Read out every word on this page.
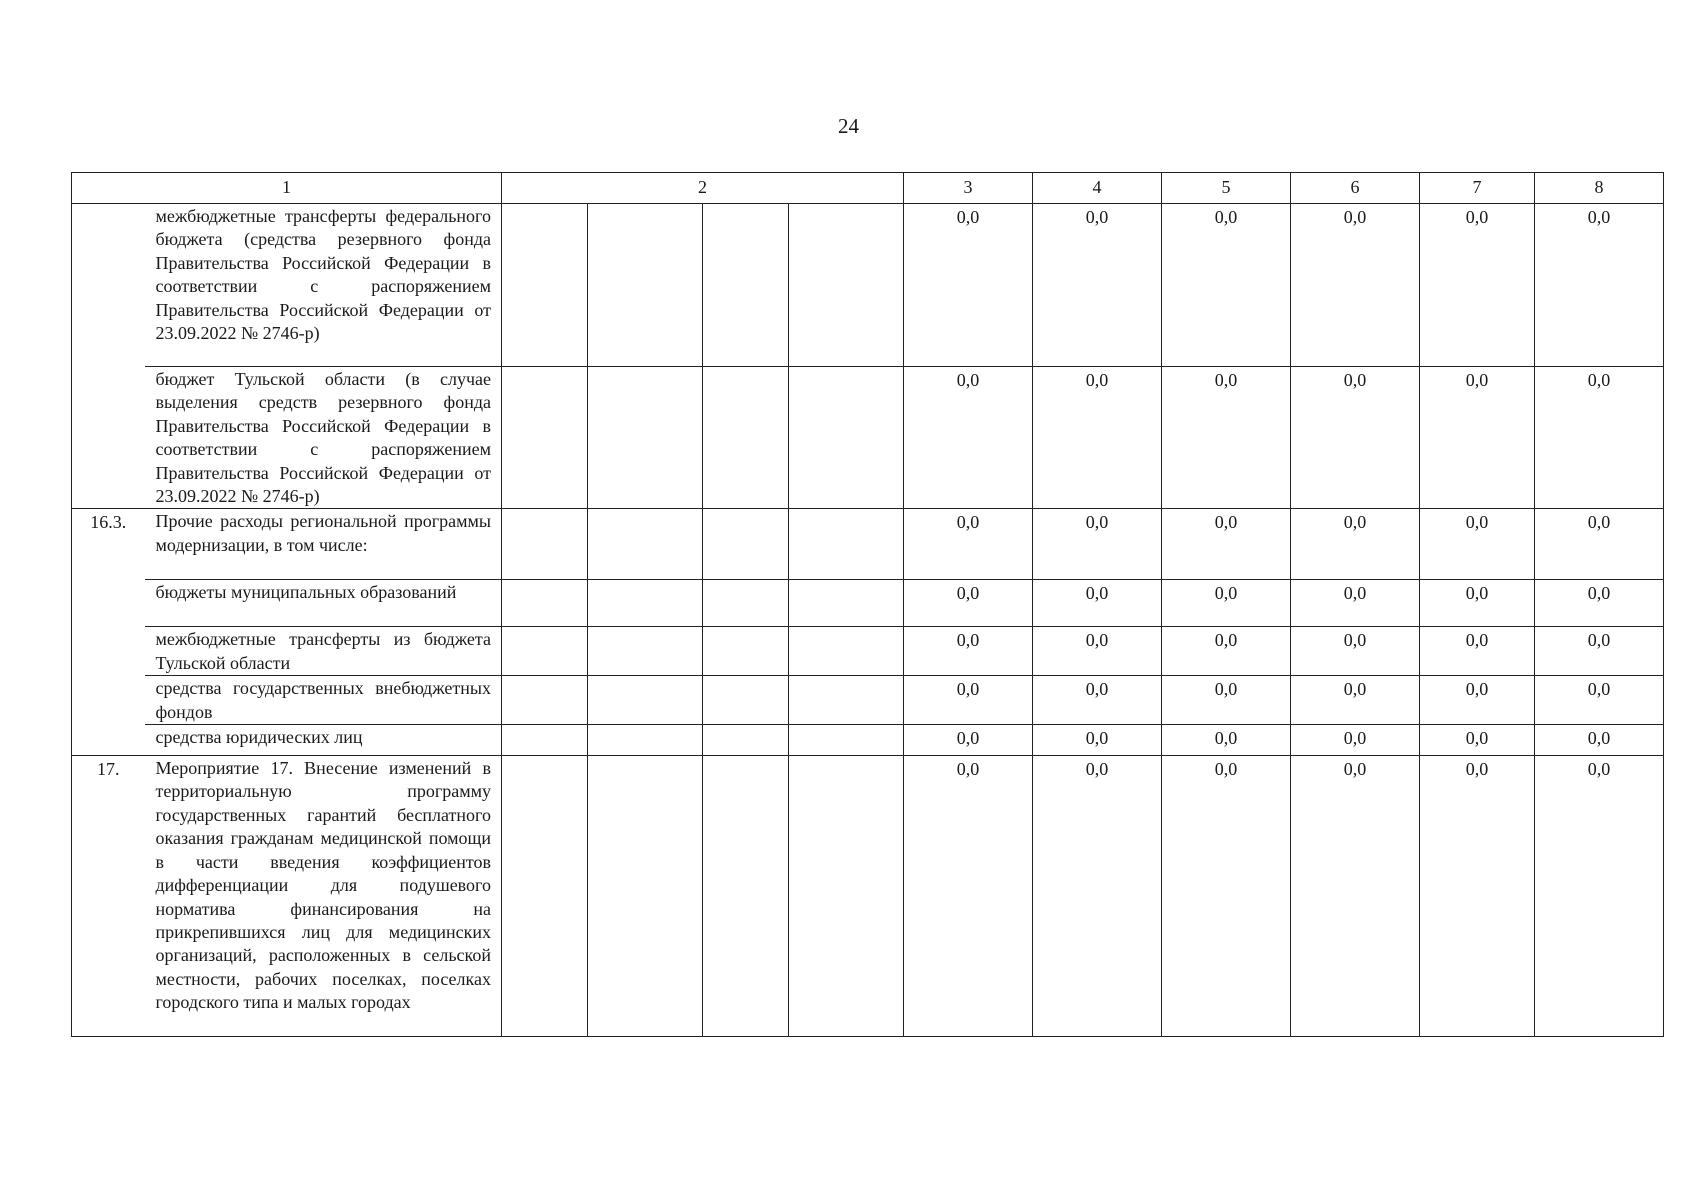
24
1		2				3	4	5	6	7	8
	межбюджетные трансферты федерального бюджета (средства резервного фонда Правительства Российской Федерации в соответствии с распоряжением Правительства Российской Федерации от 23.09.2022 № 2746-р)					0,0	0,0	0,0	0,0	0,0	0,0
	бюджет Тульской области (в случае выделения средств резервного фонда Правительства Российской Федерации в соответствии с распоряжением Правительства Российской Федерации от 23.09.2022 № 2746-р)					0,0	0,0	0,0	0,0	0,0	0,0
16.3.	Прочие расходы региональной программы модернизации, в том числе:					0,0	0,0	0,0	0,0	0,0	0,0
	бюджеты муниципальных образований					0,0	0,0	0,0	0,0	0,0	0,0
	межбюджетные трансферты из бюджета Тульской области					0,0	0,0	0,0	0,0	0,0	0,0
	средства государственных внебюджетных фондов					0,0	0,0	0,0	0,0	0,0	0,0
	средства юридических лиц					0,0	0,0	0,0	0,0	0,0	0,0
17.	Мероприятие 17. Внесение изменений в территориальную программу государственных гарантий бесплатного оказания гражданам медицинской помощи в части введения коэффициентов дифференциации для подушевого норматива финансирования на прикрепившихся лиц для медицинских организаций, расположенных в сельской местности, рабочих поселках, поселках городского типа и малых городах					0,0	0,0	0,0	0,0	0,0	0,0
